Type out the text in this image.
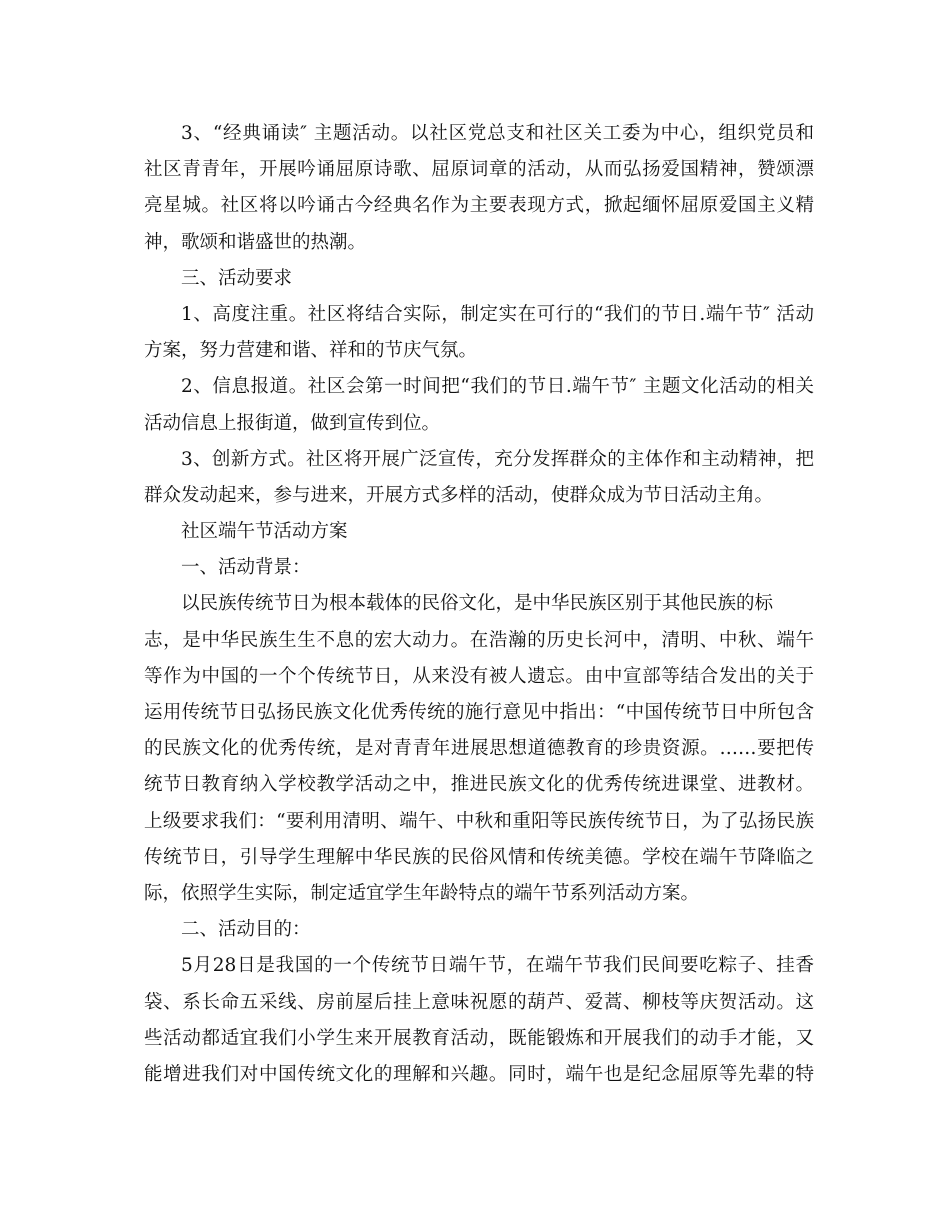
3、“经典诵读″ 主题活动。以社区党总支和社区关工委为中心，组织党员和
社区青青年，开展吟诵屈原诗歌、屈原词章的活动，从而弘扬爱国精神，赞颂漂
亮星城。社区将以吟诵古今经典名作为主要表现方式，掀起缅怀屈原爱国主义精
神，歌颂和谐盛世的热潮。
三、活动要求
1、高度注重。社区将结合实际，制定实在可行的“我们的节日.端午节″ 活动
方案，努力营建和谐、祥和的节庆气氛。
2、信息报道。社区会第一时间把“我们的节日.端午节″ 主题文化活动的相关
活动信息上报街道，做到宣传到位。
3、创新方式。社区将开展广泛宣传，充分发挥群众的主体作和主动精神，把
群众发动起来，参与进来，开展方式多样的活动，使群众成为节日活动主角。
社区端午节活动方案
一、活动背景：
以民族传统节日为根本载体的民俗文化，是中华民族区别于其他民族的标
志，是中华民族生生不息的宏大动力。在浩瀚的历史长河中，清明、中秋、端午
等作为中国的一个个传统节日，从来没有被人遗忘。由中宣部等结合发出的关于
运用传统节日弘扬民族文化优秀传统的施行意见中指出：“中国传统节日中所包含
的民族文化的优秀传统，是对青青年进展思想道德教育的珍贵资源。……要把传
统节日教育纳入学校教学活动之中，推进民族文化的优秀传统进课堂、进教材。
上级要求我们：“要利用清明、端午、中秋和重阳等民族传统节日，为了弘扬民族
传统节日，引导学生理解中华民族的民俗风情和传统美德。学校在端午节降临之
际，依照学生实际，制定适宜学生年龄特点的端午节系列活动方案。
二、活动目的：
5月28日是我国的一个传统节日端午节，在端午节我们民间要吃粽子、挂香
袋、系长命五采线、房前屋后挂上意味祝愿的葫芦、爱蒿、柳枝等庆贺活动。这
些活动都适宜我们小学生来开展教育活动，既能锻炼和开展我们的动手才能，又
能增进我们对中国传统文化的理解和兴趣。同时，端午也是纪念屈原等先辈的特
